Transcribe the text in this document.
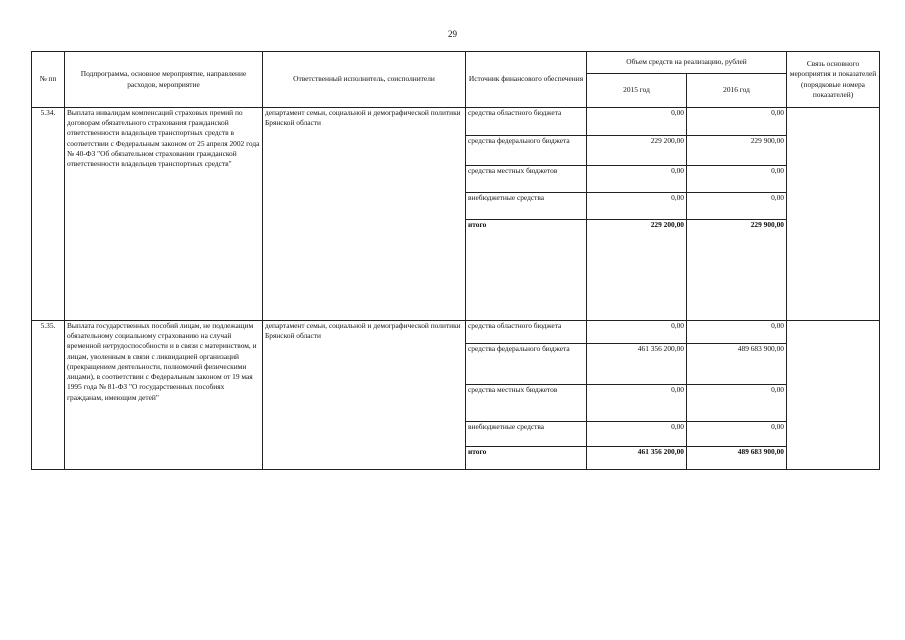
29
№ пп	Подпрограмма, основное мероприятие, направление расходов, мероприятие	Ответственный исполнитель, соисполнители	Источник финансового обеспечения	Объем средств на реализацию, рублей		Связь основного мероприятия и показателей (порядковые номера показателей)
				2015 год	2016 год	
5.34.	Выплата инвалидам компенсаций страховых премий по договорам обязательного страхования гражданской ответственности владельцев транспортных средств в соответствии с Федеральным законом от 25 апреля 2002 года № 40-ФЗ "Об обязательном страховании гражданской ответственности владельцев транспортных средств"	департамент семьи, социальной и демографической политики Брянской области	средства областного бюджета	0,00	0,00	
			средства федерального бюджета	229 200,00	229 900,00	
			средства местных бюджетов	0,00	0,00	
			внебюджетные средства	0,00	0,00	
			итого	229 200,00	229 900,00	
5.35.	Выплата государственных пособий лицам, не подлежащим обязательному социальному страхованию на случай временной нетрудоспособности и в связи с материнством, и лицам, уволенным в связи с ликвидацией организаций (прекращением деятельности, полномочий физическими лицами), в соответствии с Федеральным законом от 19 мая 1995 года № 81-ФЗ "О государственных пособиях гражданам, имеющим детей"	департамент семьи, социальной и демографической политики Брянской области	средства областного бюджета	0,00	0,00	
			средства федерального бюджета	461 356 200,00	489 683 900,00	
			средства местных бюджетов	0,00	0,00	
			внебюджетные средства	0,00	0,00	
			итого	461 356 200,00	489 683 900,00	
